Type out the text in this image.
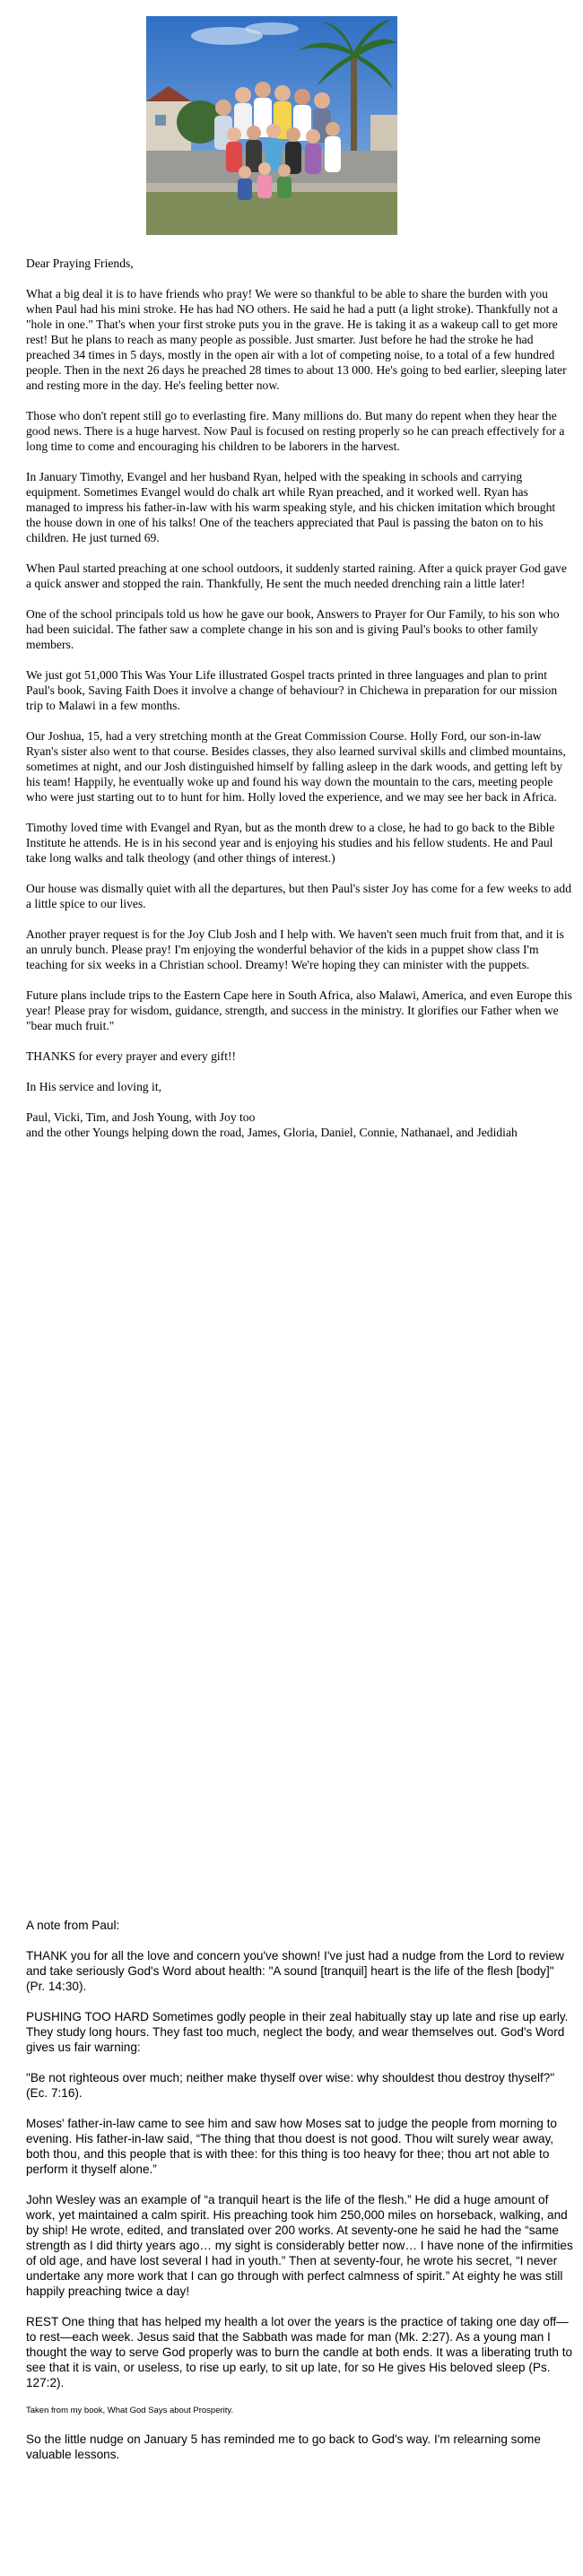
Dear Praying Friends,

What a big deal it is to have friends who pray! We were so thankful to be able to share the burden with you when Paul had his mini stroke. He has had NO others. He said he had a putt (a light stroke). Thankfully not a "hole in one." That's when your first stroke puts you in the grave. He is taking it as a wakeup call to get more rest! But he plans to reach as many people as possible. Just smarter. Just before he had the stroke he had preached 34 times in 5 days, mostly in the open air with a lot of competing noise, to a total of a few hundred people. Then in the next 26 days he preached 28 times to about 13 000. He's going to bed earlier, sleeping later and resting more in the day. He's feeling better now.

Those who don't repent still go to everlasting fire. Many millions do. But many do repent when they hear the good news. There is a huge harvest. Now Paul is focused on resting properly so he can preach effectively for a long time to come and encouraging his children to be laborers in the harvest.

In January Timothy, Evangel and her husband Ryan, helped with the speaking in schools and carrying equipment. Sometimes Evangel would do chalk art while Ryan preached, and it worked well. Ryan has managed to impress his father-in-law with his warm speaking style, and his chicken imitation which brought the house down in one of his talks! One of the teachers appreciated that Paul is passing the baton on to his children. He just turned 69.

When Paul started preaching at one school outdoors, it suddenly started raining. After a quick prayer God gave a quick answer and stopped the rain. Thankfully, He sent the much needed drenching rain a little later!

One of the school principals told us how he gave our book, Answers to Prayer for Our Family, to his son who had been suicidal. The father saw a complete change in his son and is giving Paul's books to other family members.

We just got 51,000 This Was Your Life illustrated Gospel tracts printed in three languages and plan to print Paul's book, Saving Faith Does it involve a change of behaviour? in Chichewa in preparation for our mission trip to Malawi in a few months.

Our Joshua, 15, had a very stretching month at the Great Commission Course. Holly Ford, our son-in-law Ryan's sister also went to that course. Besides classes, they also learned survival skills and climbed mountains, sometimes at night, and our Josh distinguished himself by falling asleep in the dark woods, and getting left by his team! Happily, he eventually woke up and found his way down the mountain to the cars, meeting people who were just starting out to to hunt for him. Holly loved the experience, and we may see her back in Africa.

Timothy loved time with Evangel and Ryan, but as the month drew to a close, he had to go back to the Bible Institute he attends. He is in his second year and is enjoying his studies and his fellow students. He and Paul take long walks and talk theology (and other things of interest.)

Our house was dismally quiet with all the departures, but then Paul's sister Joy has come for a few weeks to add a little spice to our lives.

Another prayer request is for the Joy Club Josh and I help with. We haven't seen much fruit from that, and it is an unruly bunch. Please pray! I'm enjoying the wonderful behavior of the kids in a puppet show class I'm teaching for six weeks in a Christian school. Dreamy! We're hoping they can minister with the puppets.

Future plans include trips to the Eastern Cape here in South Africa, also Malawi, America, and even Europe this year! Please pray for wisdom, guidance, strength, and success in the ministry. It glorifies our Father when we "bear much fruit."

THANKS for every prayer and every gift!!

In His service and loving it,

Paul, Vicki, Tim, and Josh Young, with Joy too

and the other Youngs helping down the road, James, Gloria, Daniel, Connie, Nathanael, and Jedidiah

A note from Paul:

THANK you for all the love and concern you've shown! I've just had a nudge from the Lord to review and take seriously God's Word about health: "A sound [tranquil] heart is the life of the flesh [body]" (Pr. 14:30).

PUSHING TOO HARD Sometimes godly people in their zeal habitually stay up late and rise up early. They study long hours. They fast too much, neglect the body, and wear themselves out. God's Word gives us fair warning:

"Be not righteous over much; neither make thyself over wise: why shouldest thou destroy thyself?" (Ec. 7:16).

Moses' father-in-law came to see him and saw how Moses sat to judge the people from morning to evening. His father-in-law said, “The thing that thou doest is not good. Thou wilt surely wear away, both thou, and this people that is with thee: for this thing is too heavy for thee; thou art not able to perform it thyself alone.”

John Wesley was an example of “a tranquil heart is the life of the flesh.” He did a huge amount of work, yet maintained a calm spirit. His preaching took him 250,000 miles on horseback, walking, and by ship! He wrote, edited, and translated over 200 works. At seventy-one he said he had the “same strength as I did thirty years ago… my sight is considerably better now… I have none of the infirmities of old age, and have lost several I had in youth.” Then at seventy-four, he wrote his secret, “I never undertake any more work that I can go through with perfect calmness of spirit.” At eighty he was still happily preaching twice a day!

REST One thing that has helped my health a lot over the years is the practice of taking one day off—to rest—each week. Jesus said that the Sabbath was made for man (Mk. 2:27). As a young man I thought the way to serve God properly was to burn the candle at both ends. It was a liberating truth to see that it is vain, or useless, to rise up early, to sit up late, for so He gives His beloved sleep (Ps. 127:2).

Taken from my book, What God Says about Prosperity.

So the little nudge on January 5 has reminded me to go back to God's way. I'm relearning some valuable lessons.
